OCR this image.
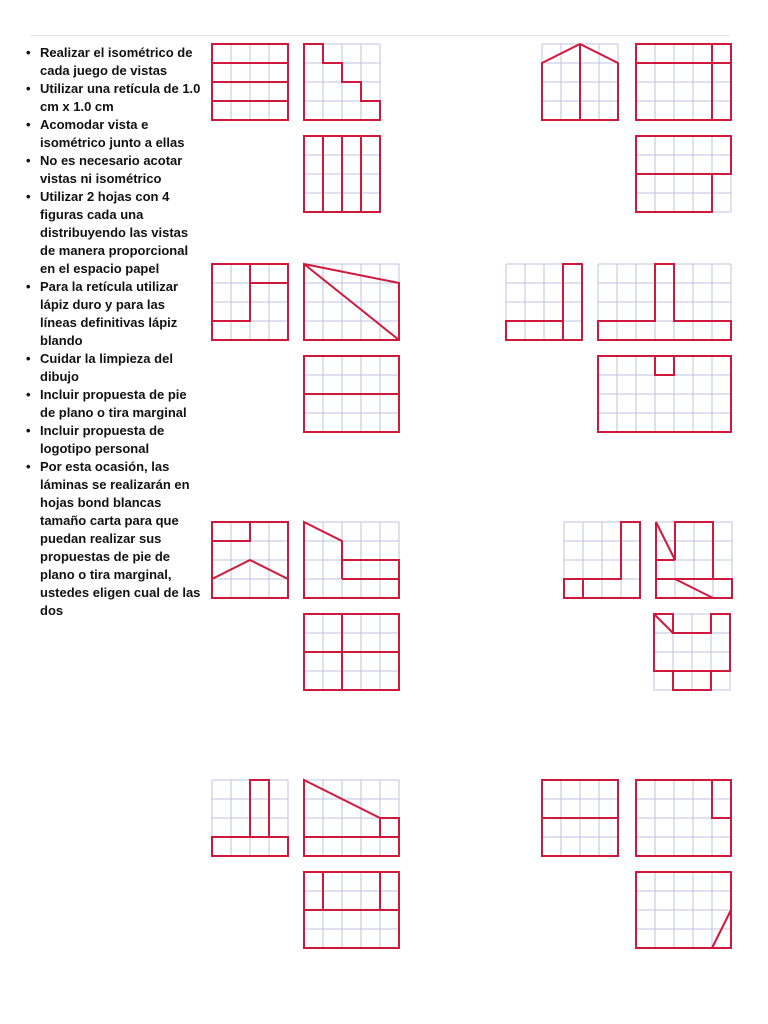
• Realizar el isométrico de cada juego de vistas
• Utilizar una retícula de 1.0 cm x 1.0 cm
• Acomodar vista e isométrico junto a ellas
• No es necesario acotar vistas ni isométrico
• Utilizar 2 hojas con 4 figuras cada una distribuyendo las vistas de manera proporcional en el espacio papel
• Para la retícula utilizar lápiz duro y para las líneas definitivas lápiz blando
• Cuidar la limpieza del dibujo
• Incluir propuesta de pie de plano o tira marginal
• Incluir propuesta de logotipo personal
• Por esta ocasión, las láminas se realizarán en hojas bond blancas tamaño carta para que puedan realizar sus propuestas de pie de plano o tira marginal, ustedes eligen cual de las dos
